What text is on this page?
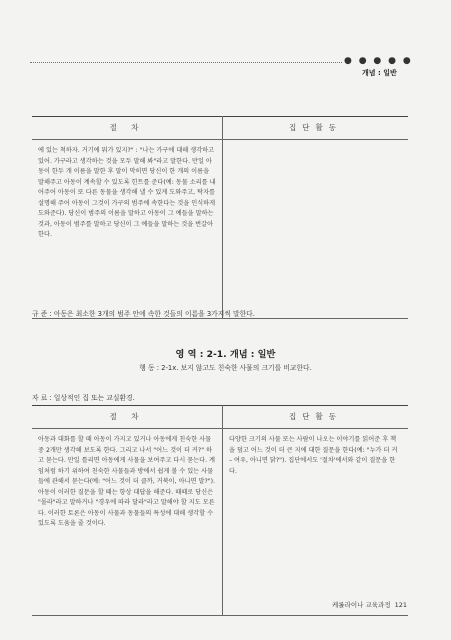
● ● ● ● ●
개념 : 일반
절 차	집단활동
에 있는 척하자. 거기에 뭐가 있지?" : "나는 가구에 대해 생각하고 있어. 가구라고 생각하는 것을 모두 말해 봐"라고 말한다. 만일 아동이 한두 개 이름을 말한 후 말이 막히면 당신이 한 개의 이름을 말해주고 아동이 계속할 수 있도록 힌트를 준다(예: 동물 소리를 내어주어 아동이 또 다른 동물을 생각해 낼 수 있게 도와주고, 탁자를 설명해 주어 아동이 그것이 가구의 범주에 속한다는 것을 인식하게 도와준다). 당신이 범주의 이름을 말하고 아동이 그 예들을 말하는 것과, 아동이 범주를 말하고 당신이 그 예들을 말하는 것을 번갈아 한다.	
규 준 : 아동은 최소한 3개의 범주 안에 속한 것들의 이름을 3가지씩 말한다.
영 역 : 2-1. 개념 : 일반
행 동 : 2-1x. 보지 않고도 친숙한 사물의 크기를 비교한다.
자 료 : 일상적인 집 또는 교실환경.
절 차	집단활동
아동과 대화를 할 때 아동이 가지고 있거나 아동에게 친숙한 사물중 2개만 생각해 보도록 한다. 그리고 나서 "어느 것이 더 커?" 하고 묻는다. 만일 틀리면 아동에게 사물을 보여주고 다시 묻는다. 계임처럼 하기 위하여 친숙한 사물들과 방에서 쉽게 볼 수 있는 사물들에 관해서 묻는다(예: "어느 것이 더 클까, 거북이, 아니면 말?"). 아동이 이러한 질문을 할 때는 항상 대답을 해준다. 때때로 당신은 "몰라"라고 말하거나 "경우에 따라 달라"라고 말해야 할 지도 모른다. 이러한 토론은 아동이 사물과 동물들의 특성에 대해 생각할 수 있도록 도움을 줄 것이다.	다양한 크기의 사물 또는 사람이 나오는 이야기를 읽어준 후 책을 덮고 어느 것이 더 큰 지에 대한 질문을 한다(예: "누가 더 커 – 여우, 아니면 닭?"). 집단에서도 '절차'에서와 같이 질문을 한다.
케롤라이나 교육과정 121
